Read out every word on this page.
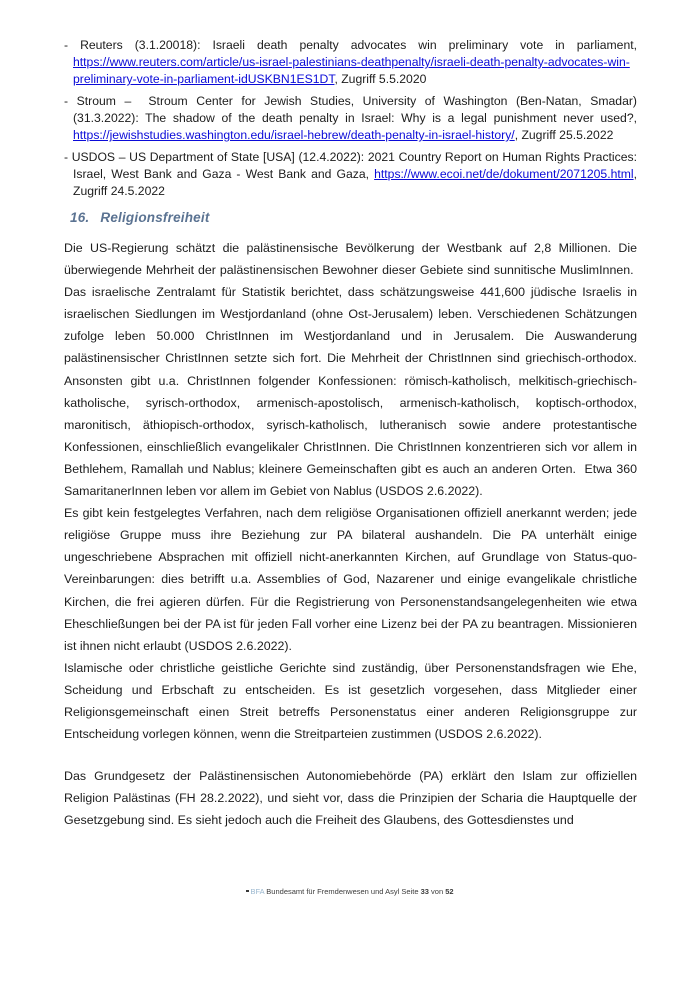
- Reuters (3.1.20018): Israeli death penalty advocates win preliminary vote in parliament, https://www.reuters.com/article/us-israel-palestinians-deathpenalty/israeli-death-penalty-advocates-win-preliminary-vote-in-parliament-idUSKBN1ES1DT, Zugriff 5.5.2020
- Stroum –  Stroum Center for Jewish Studies, University of Washington (Ben-Natan, Smadar) (31.3.2022): The shadow of the death penalty in Israel: Why is a legal punishment never used?, https://jewishstudies.washington.edu/israel-hebrew/death-penalty-in-israel-history/, Zugriff 25.5.2022
- USDOS – US Department of State [USA] (12.4.2022): 2021 Country Report on Human Rights Practices: Israel, West Bank and Gaza - West Bank and Gaza, https://www.ecoi.net/de/dokument/2071205.html, Zugriff 24.5.2022
16. Religionsfreiheit

Die US-Regierung schätzt die palästinensische Bevölkerung der Westbank auf 2,8 Millionen. Die überwiegende Mehrheit der palästinensischen Bewohner dieser Gebiete sind sunnitische MuslimInnen.  Das israelische Zentralamt für Statistik berichtet, dass schätzungsweise 441,600 jüdische Israelis in israelischen Siedlungen im Westjordanland (ohne Ost-Jerusalem) leben. Verschiedenen Schätzungen zufolge leben 50.000 ChristInnen im Westjordanland und in Jerusalem. Die Auswanderung palästinensischer ChristInnen setzte sich fort. Die Mehrheit der ChristInnen sind griechisch-orthodox. Ansonsten gibt u.a. ChristInnen folgender Konfessionen: römisch-katholisch, melkitisch-griechisch-katholische, syrisch-orthodox, armenisch-apostolisch, armenisch-katholisch, koptisch-orthodox, maronitisch, äthiopisch-orthodox, syrisch-katholisch, lutheranisch sowie andere protestantische Konfessionen, einschließlich evangelikaler ChristInnen. Die ChristInnen konzentrieren sich vor allem in Bethlehem, Ramallah und Nablus; kleinere Gemeinschaften gibt es auch an anderen Orten.  Etwa 360 SamaritanerInnen leben vor allem im Gebiet von Nablus (USDOS 2.6.2022).

Es gibt kein festgelegtes Verfahren, nach dem religiöse Organisationen offiziell anerkannt werden; jede religiöse Gruppe muss ihre Beziehung zur PA bilateral aushandeln. Die PA unterhält einige ungeschriebene Absprachen mit offiziell nicht-anerkannten Kirchen, auf Grundlage von Status-quo-Vereinbarungen: dies betrifft u.a. Assemblies of God, Nazarener und einige evangelikale christliche Kirchen, die frei agieren dürfen. Für die Registrierung von Personenstandsangelegenheiten wie etwa Eheschließungen bei der PA ist für jeden Fall vorher eine Lizenz bei der PA zu beantragen. Missionieren ist ihnen nicht erlaubt (USDOS 2.6.2022).

Islamische oder christliche geistliche Gerichte sind zuständig, über Personenstandsfragen wie Ehe, Scheidung und Erbschaft zu entscheiden. Es ist gesetzlich vorgesehen, dass Mitglieder einer Religionsgemeinschaft einen Streit betreffs Personenstatus einer anderen Religionsgruppe zur Entscheidung vorlegen können, wenn die Streitparteien zustimmen (USDOS 2.6.2022).

Das Grundgesetz der Palästinensischen Autonomiebehörde (PA) erklärt den Islam zur offiziellen Religion Palästinas (FH 28.2.2022), und sieht vor, dass die Prinzipien der Scharia die Hauptquelle der Gesetzgebung sind. Es sieht jedoch auch die Freiheit des Glaubens, des Gottesdienstes und

BFA Bundesamt für Fremdenwesen und Asyl Seite 33 von 52
